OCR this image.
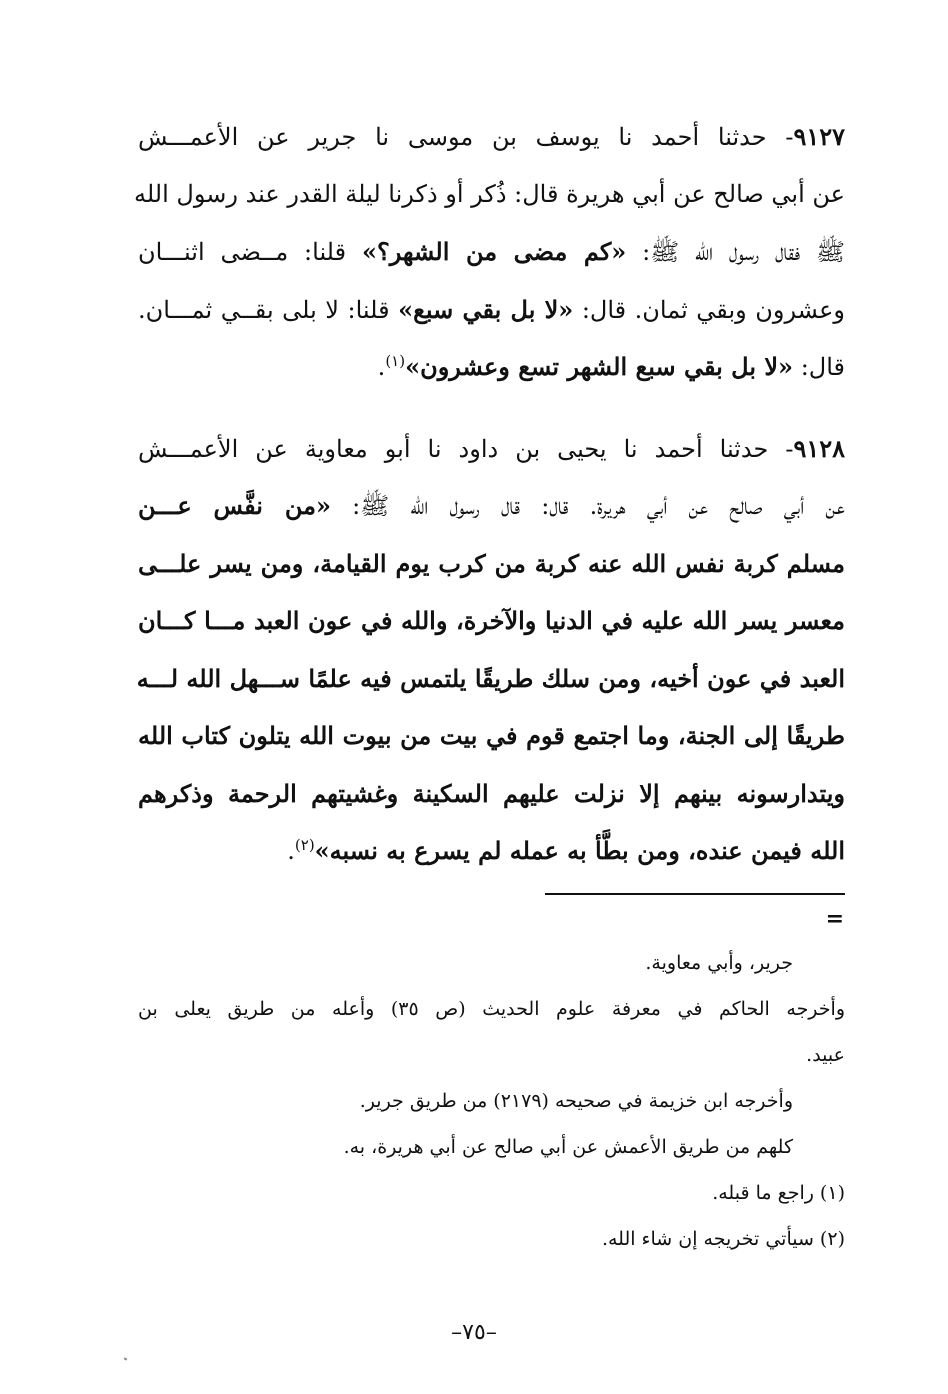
٩١٢٧- حدثنا أحمد نا يوسف بن موسى نا جرير عن الأعمـــش
عن أبي صالح عن أبي هريرة قال: ذُكر أو ذكرنا ليلة القدر عند رسول الله
ﷺ فقال رسول الله ﷺ: «كم مضى من الشهر؟» قلنا: مــضى اثنـــان
وعشرون وبقي ثمان. قال: «لا بل بقي سبع» قلنا: لا بلى بقــي ثمـــان.
قال: «لا بل بقي سبع الشهر تسع وعشرون»$^{(١)}$.
٩١٢٨- حدثنا أحمد نا يحيى بن داود نا أبو معاوية عن الأعمـــش
عن أبي صالح عن أبي هريرة. قال: قال رسول الله ﷺ: «من نفَّس عـــن
مسلم كربة نفس الله عنه كربة من كرب يوم القيامة، ومن يسر علـــى
معسر يسر الله عليه في الدنيا والآخرة، والله في عون العبد مـــا كـــان
العبد في عون أخيه، ومن سلك طريقًا يلتمس فيه علمًا ســـهل الله لـــه
طريقًا إلى الجنة، وما اجتمع قوم في بيت من بيوت الله يتلون كتاب الله
ويتدارسونه بينهم إلا نزلت عليهم السكينة وغشيتهم الرحمة وذكرهم
الله فيمن عنده، ومن بطَّأ به عمله لم يسرع به نسبه»$^{(٢)}$.
=
جرير، وأبي معاوية.
وأخرجه الحاكم في معرفة علوم الحديث (ص ٣٥) وأعله من طريق يعلى بن
عبيد.
وأخرجه ابن خزيمة في صحيحه (٢١٧٩) من طريق جرير.
كلهم من طريق الأعمش عن أبي صالح عن أبي هريرة، به.
(١) راجع ما قبله.
(٢) سيأتي تخريجه إن شاء الله.
–٧٥–
